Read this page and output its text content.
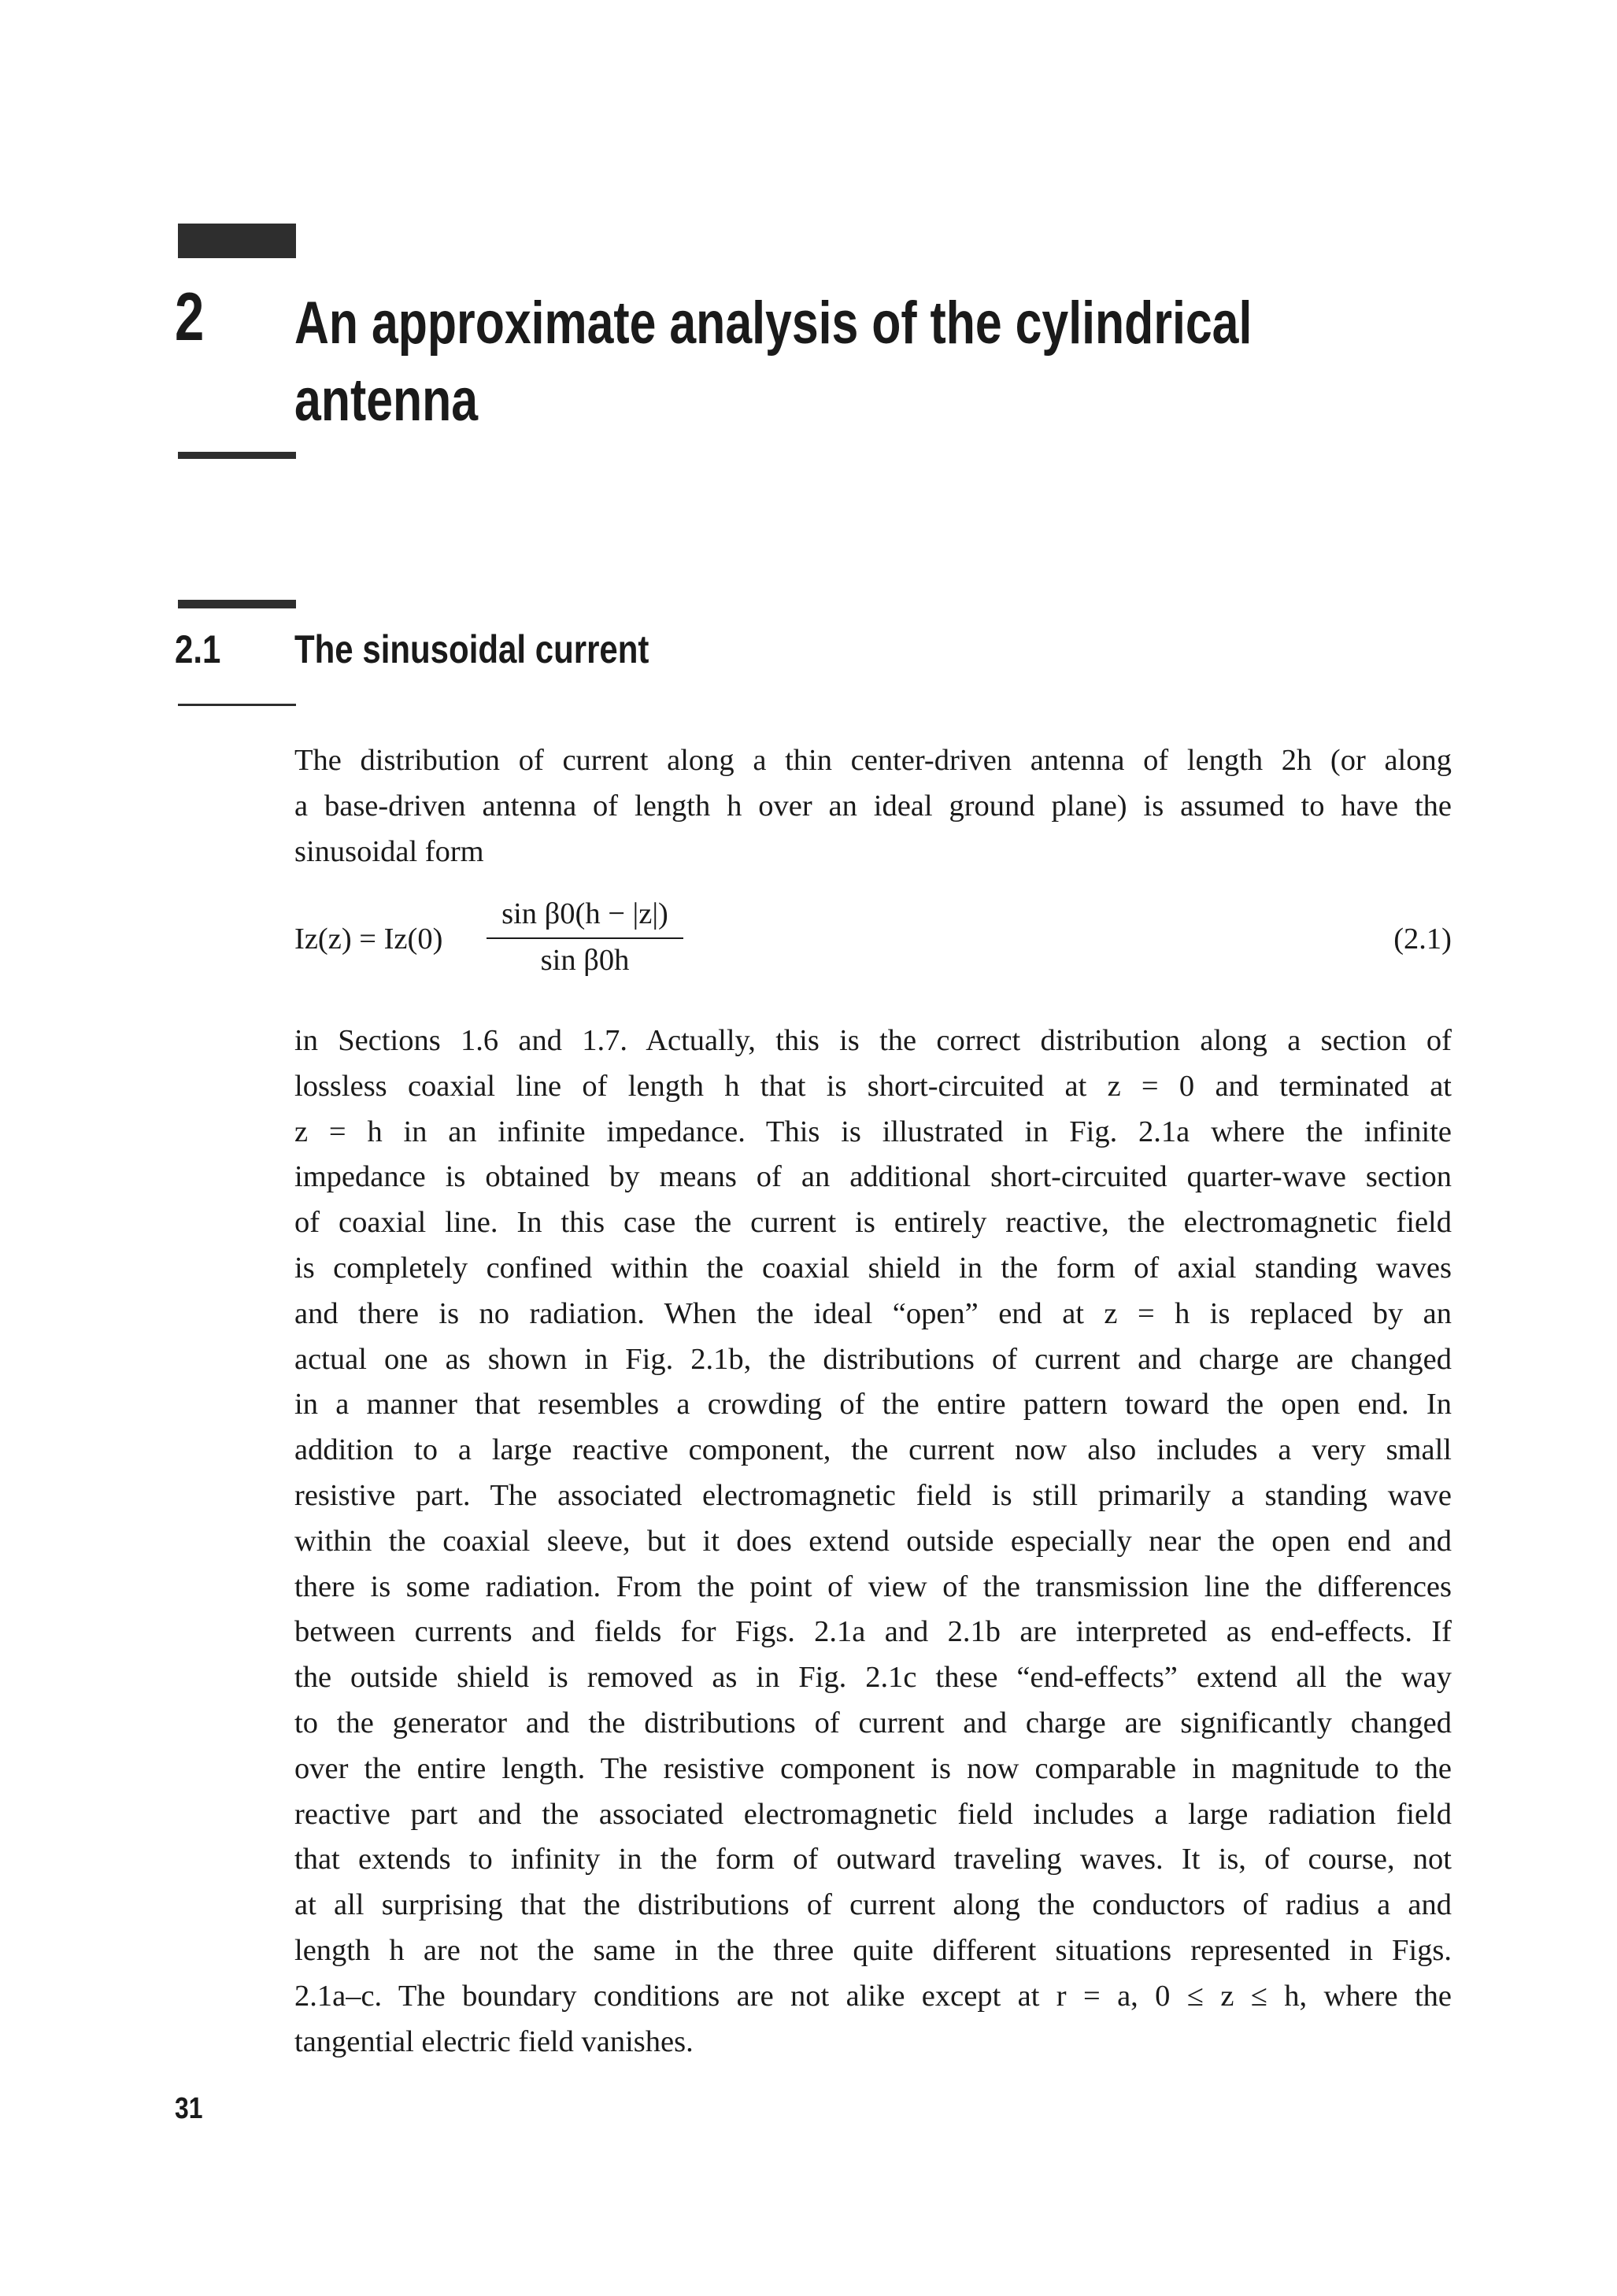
2 An approximate analysis of the cylindrical
antenna
2.1 The sinusoidal current
The distribution of current along a thin center-driven antenna of length 2h (or along
a base-driven antenna of length h over an ideal ground plane) is assumed to have the
sinusoidal form
Iz(z) = Iz(0)
sin β0(h − |z|)
sin β0h
(2.1)
in Sections 1.6 and 1.7. Actually, this is the correct distribution along a section of
lossless coaxial line of length h that is short-circuited at z = 0 and terminated at
z = h in an infinite impedance. This is illustrated in Fig. 2.1a where the infinite
impedance is obtained by means of an additional short-circuited quarter-wave section
of coaxial line. In this case the current is entirely reactive, the electromagnetic field
is completely confined within the coaxial shield in the form of axial standing waves
and there is no radiation. When the ideal “open” end at z = h is replaced by an
actual one as shown in Fig. 2.1b, the distributions of current and charge are changed
in a manner that resembles a crowding of the entire pattern toward the open end. In
addition to a large reactive component, the current now also includes a very small
resistive part. The associated electromagnetic field is still primarily a standing wave
within the coaxial sleeve, but it does extend outside especially near the open end and
there is some radiation. From the point of view of the transmission line the differences
between currents and fields for Figs. 2.1a and 2.1b are interpreted as end-effects. If
the outside shield is removed as in Fig. 2.1c these “end-effects” extend all the way
to the generator and the distributions of current and charge are significantly changed
over the entire length. The resistive component is now comparable in magnitude to the
reactive part and the associated electromagnetic field includes a large radiation field
that extends to infinity in the form of outward traveling waves. It is, of course, not
at all surprising that the distributions of current along the conductors of radius a and
length h are not the same in the three quite different situations represented in Figs.
2.1a–c. The boundary conditions are not alike except at r = a, 0 ≤ z ≤ h, where the
tangential electric field vanishes.
31
